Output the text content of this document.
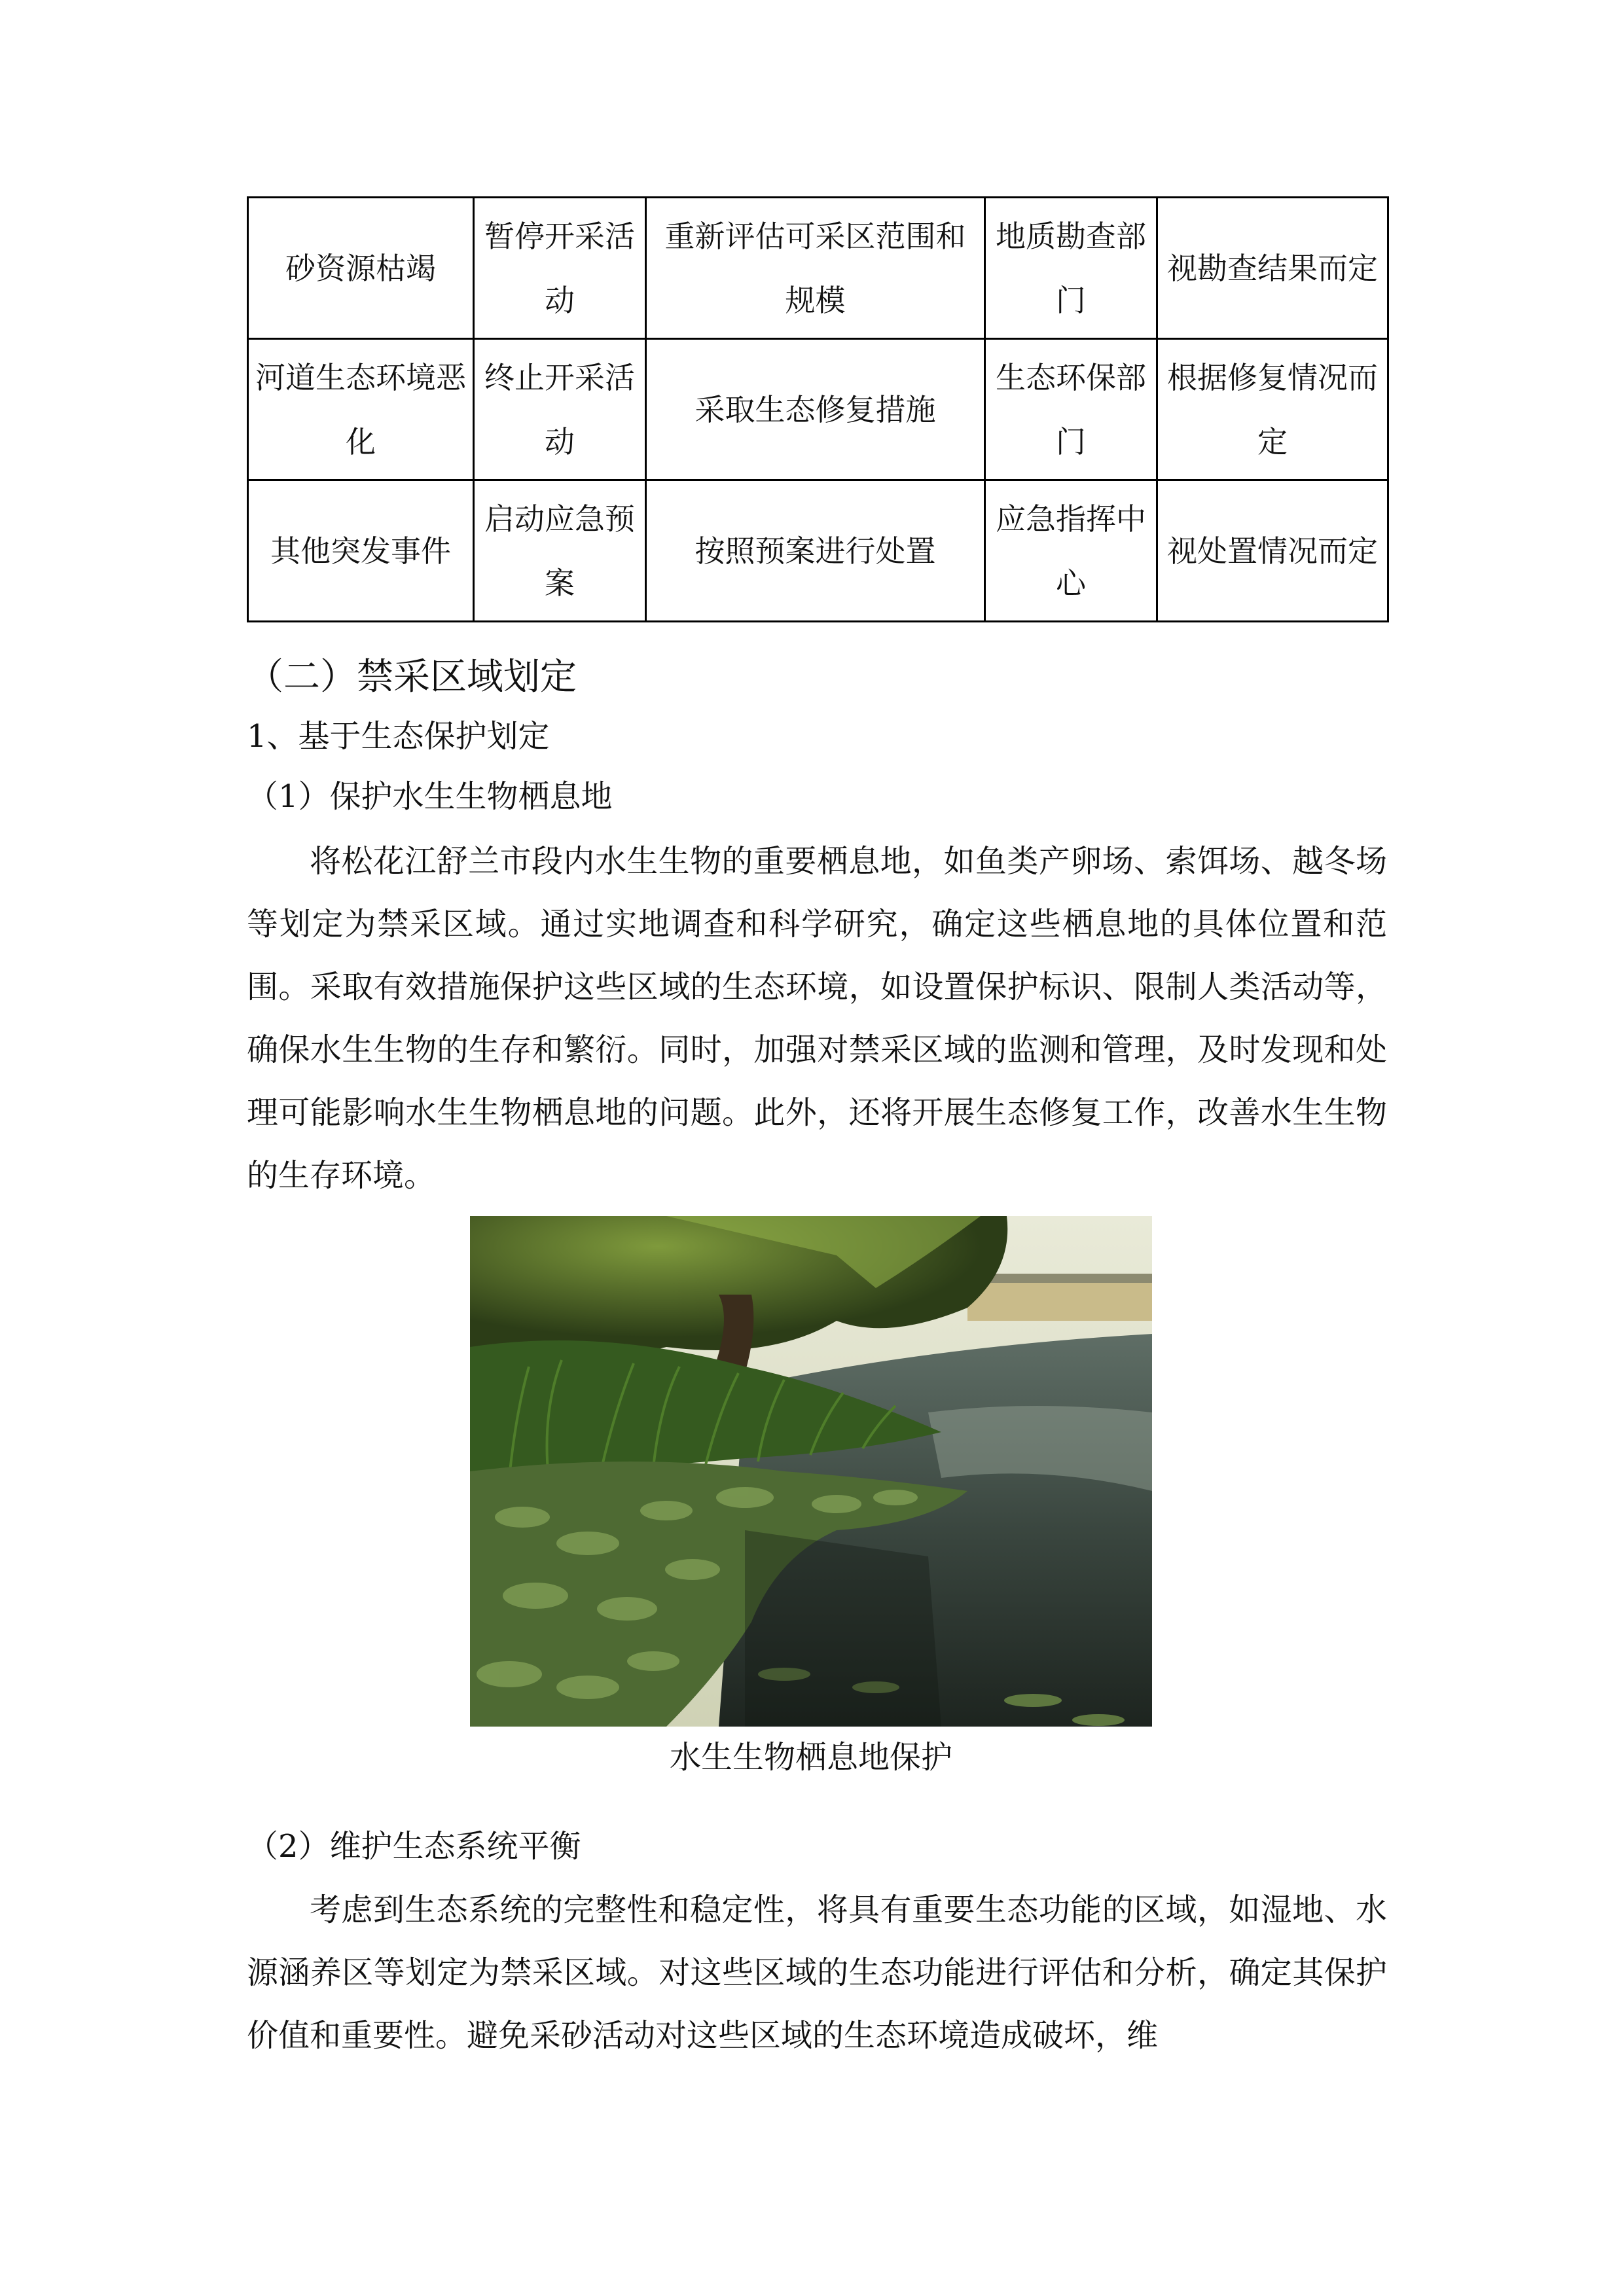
砂资源枯竭	暂停开采活动	重新评估可采区范围和规模	地质勘查部门	视勘查结果而定
河道生态环境恶化	终止开采活动	采取生态修复措施	生态环保部门	根据修复情况而定
其他突发事件	启动应急预案	按照预案进行处置	应急指挥中心	视处置情况而定
（二）禁采区域划定
1、基于生态保护划定
（1）保护水生生物栖息地

将松花江舒兰市段内水生生物的重要栖息地，如鱼类产卵场、索饵场、越冬场等划定为禁采区域。通过实地调查和科学研究，确定这些栖息地的具体位置和范围。采取有效措施保护这些区域的生态环境，如设置保护标识、限制人类活动等，确保水生生物的生存和繁衍。同时，加强对禁采区域的监测和管理，及时发现和处理可能影响水生生物栖息地的问题。此外，还将开展生态修复工作，改善水生生物的生存环境。

水生生物栖息地保护
（2）维护生态系统平衡

考虑到生态系统的完整性和稳定性，将具有重要生态功能的区域，如湿地、水源涵养区等划定为禁采区域。对这些区域的生态功能进行评估和分析，确定其保护价值和重要性。避免采砂活动对这些区域的生态环境造成破坏，维
